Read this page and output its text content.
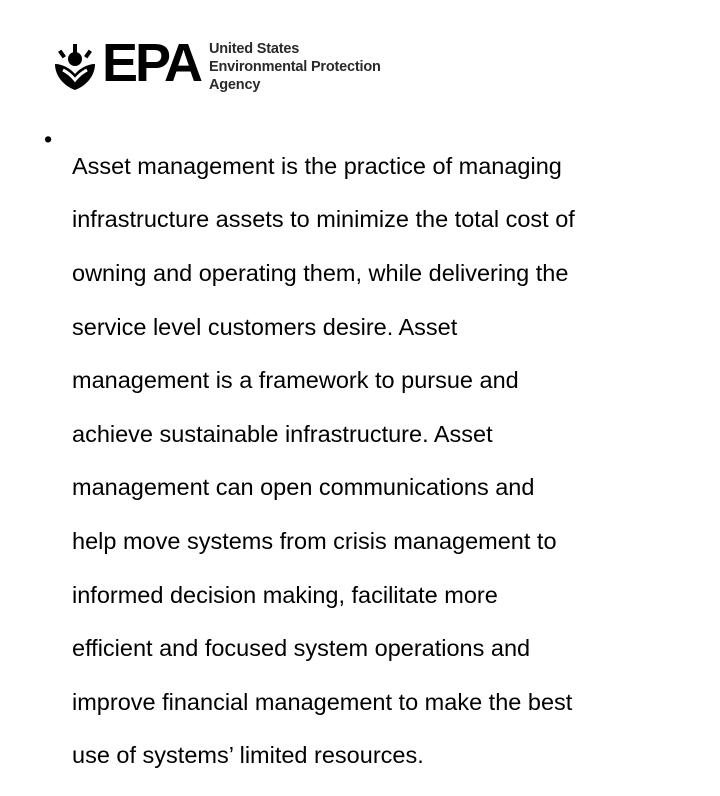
EPA United States
Environmental Protection
Agency
•

Asset management is the practice of managing

infrastructure assets to minimize the total cost of

owning and operating them, while delivering the

service level customers desire. Asset

management is a framework to pursue and

achieve sustainable infrastructure. Asset

management can open communications and

help move systems from crisis management to

informed decision making, facilitate more

efficient and focused system operations and

improve financial management to make the best

use of systems’ limited resources.
